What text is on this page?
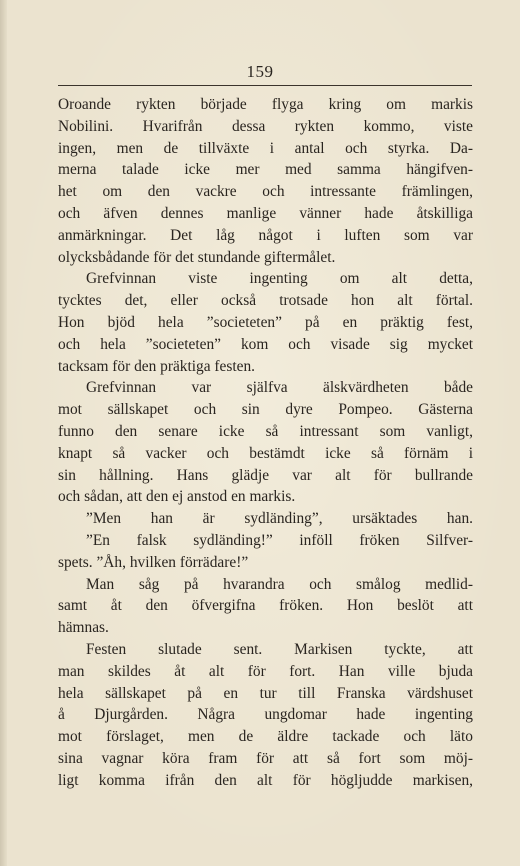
159
Oroande rykten började flyga kring om markis
Nobilini. Hvarifrån dessa rykten kommo, viste
ingen, men de tillväxte i antal och styrka. Da-
merna talade icke mer med samma hängifven-
het om den vackre och intressante främlingen,
och äfven dennes manlige vänner hade åtskilliga
anmärkningar. Det låg något i luften som var
olycksbådande för det stundande giftermålet.
Grefvinnan viste ingenting om alt detta,
tycktes det, eller också trotsade hon alt förtal.
Hon bjöd hela ”societeten” på en präktig fest,
och hela ”societeten” kom och visade sig mycket
tacksam för den präktiga festen.
Grefvinnan var själfva älskvärdheten både
mot sällskapet och sin dyre Pompeo. Gästerna
funno den senare icke så intressant som vanligt,
knapt så vacker och bestämdt icke så förnäm i
sin hållning. Hans glädje var alt för bullrande
och sådan, att den ej anstod en markis.
”Men han är sydländing”, ursäktades han.
”En falsk sydländing!” inföll fröken Silfver-
spets. ”Åh, hvilken förrädare!”
Man såg på hvarandra och smålog medlid-
samt åt den öfvergifna fröken. Hon beslöt att
hämnas.
Festen slutade sent. Markisen tyckte, att
man skildes åt alt för fort. Han ville bjuda
hela sällskapet på en tur till Franska värdshuset
å Djurgården. Några ungdomar hade ingenting
mot förslaget, men de äldre tackade och läto
sina vagnar köra fram för att så fort som möj-
ligt komma ifrån den alt för högljudde markisen,
